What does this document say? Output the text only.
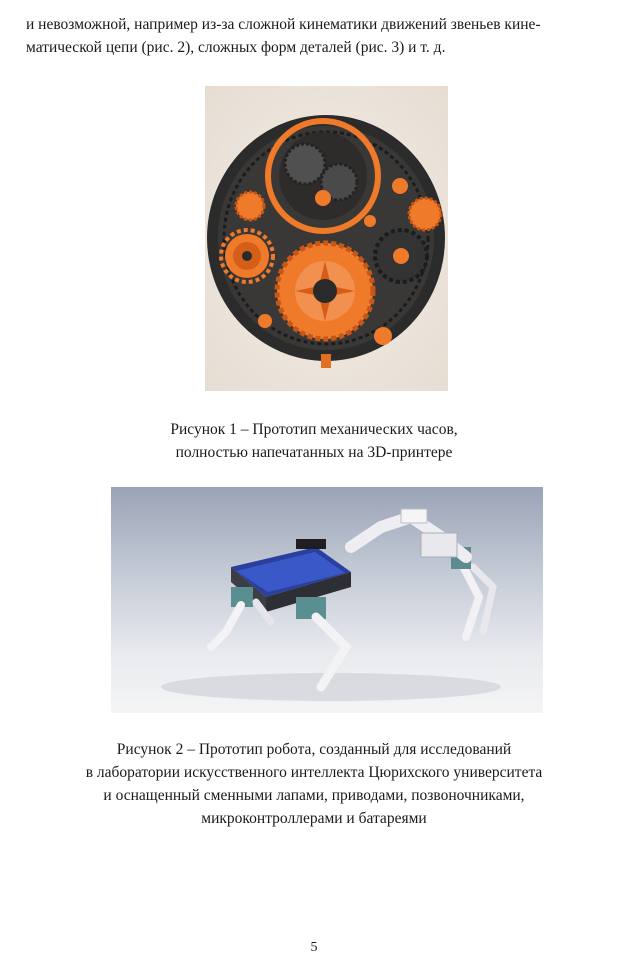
и невозможной, например из-за сложной кинематики движений звеньев кине-
матической цепи (рис. 2), сложных форм деталей (рис. 3) и т. д.

Рисунок 1 – Прототип механических часов,
полностью напечатанных на 3D-принтере

Рисунок 2 – Прототип робота, созданный для исследований
в лаборатории искусственного интеллекта Цюрихского университета
и оснащенный сменными лапами, приводами, позвоночниками,
микроконтроллерами и батареями

5
